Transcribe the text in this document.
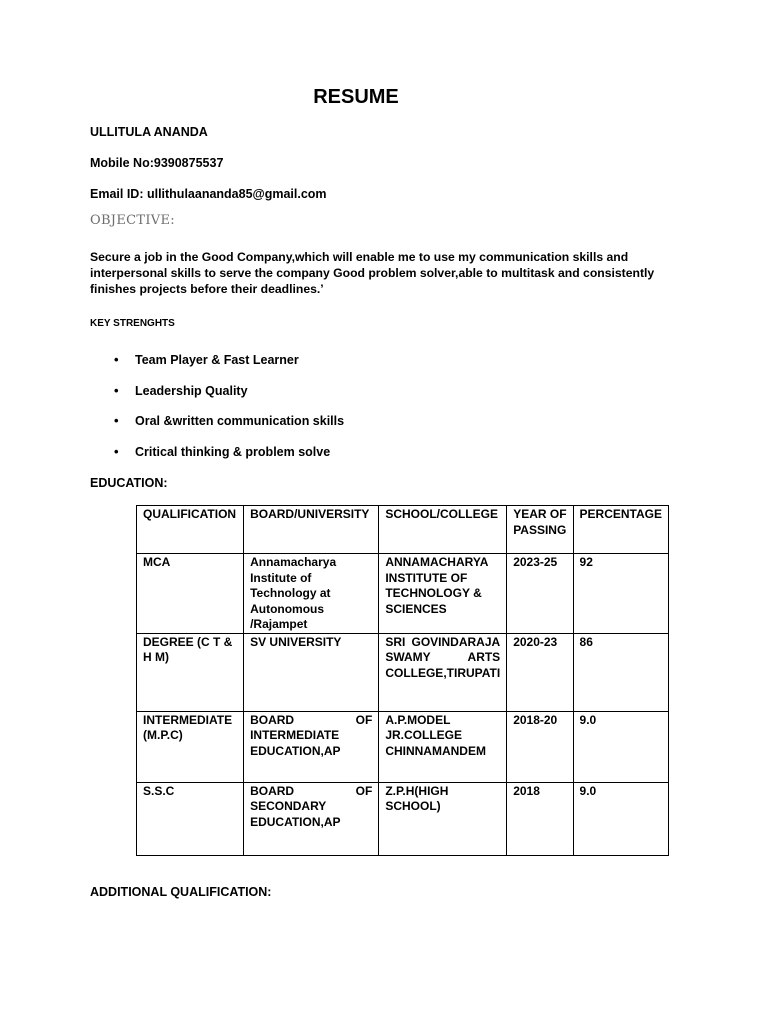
RESUME
ULLITULA ANANDA
Mobile No:9390875537
Email ID: ullithulaananda85@gmail.com
OBJECTIVE:
Secure a job in the Good Company,which will enable me to use my communication skills and interpersonal skills to serve the company Good problem solver,able to multitask and consistently finishes projects before their deadlines.’
KEY STRENGHTS
• Team Player & Fast Learner
• Leadership Quality
• Oral &written communication skills
• Critical thinking & problem solve
EDUCATION:
QUALIFICATION	BOARD/UNIVERSITY	SCHOOL/COLLEGE	YEAR OF PASSING	PERCENTAGE
MCA	Annamacharya Institute of Technology at Autonomous /Rajampet	ANNAMACHARYA INSTITUTE OF TECHNOLOGY & SCIENCES	2023-25	92
DEGREE (C T & H M)	SV UNIVERSITY	SRI GOVINDARAJA SWAMY ARTS COLLEGE,TIRUPATI	2020-23	86
INTERMEDIATE (M.P.C)	BOARD OF INTERMEDIATE EDUCATION,AP	A.P.MODEL JR.COLLEGE CHINNAMANDEM	2018-20	9.0
S.S.C	BOARD OF SECONDARY EDUCATION,AP	Z.P.H(HIGH SCHOOL)	2018	9.0
ADDITIONAL QUALIFICATION:
